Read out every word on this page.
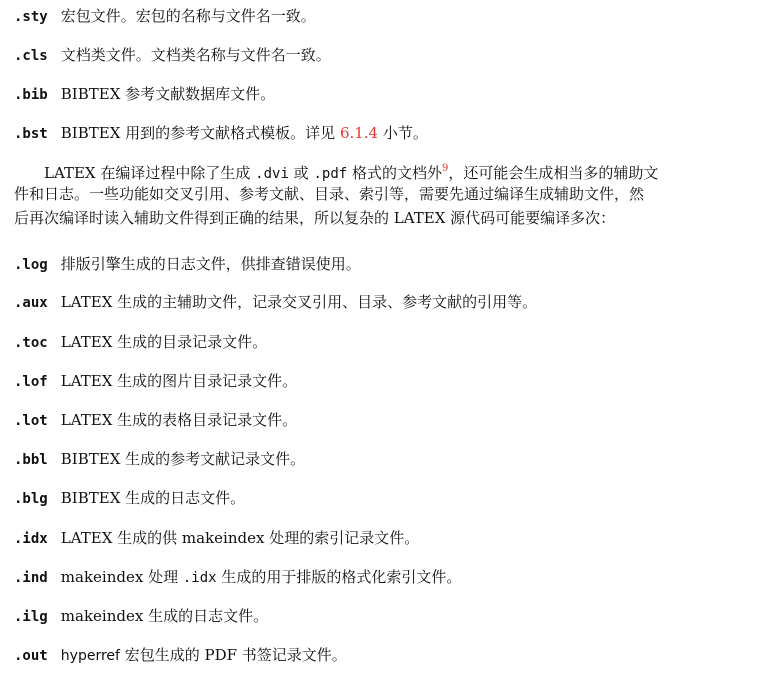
.sty 宏包文件。宏包的名称与文件名一致。
.cls 文档类文件。文档类名称与文件名一致。
.bib BIBTEX 参考文献数据库文件。
.bst BIBTEX 用到的参考文献格式模板。详见 6.1.4 小节。
LATEX 在编译过程中除了生成 .dvi 或 .pdf 格式的文档外$^9$，还可能会生成相当多的辅助文
件和日志。一些功能如交叉引用、参考文献、目录、索引等，需要先通过编译生成辅助文件，然
后再次编译时读入辅助文件得到正确的结果，所以复杂的 LATEX 源代码可能要编译多次：
.log 排版引擎生成的日志文件，供排查错误使用。
.aux LATEX 生成的主辅助文件，记录交叉引用、目录、参考文献的引用等。
.toc LATEX 生成的目录记录文件。
.lof LATEX 生成的图片目录记录文件。
.lot LATEX 生成的表格目录记录文件。
.bbl BIBTEX 生成的参考文献记录文件。
.blg BIBTEX 生成的日志文件。
.idx LATEX 生成的供 makeindex 处理的索引记录文件。
.ind makeindex 处理 .idx 生成的用于排版的格式化索引文件。
.ilg makeindex 生成的日志文件。
.out hyperref 宏包生成的 PDF 书签记录文件。
